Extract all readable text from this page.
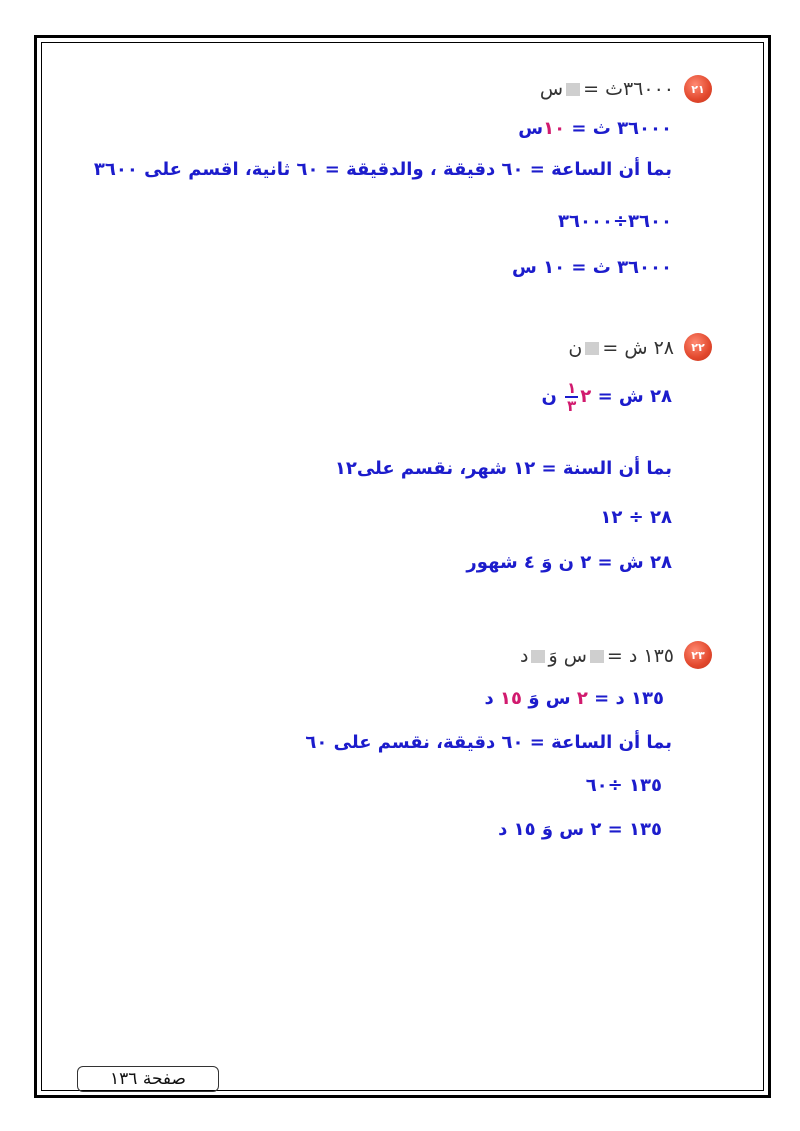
٢١
٣٦٠٠٠ث =س
٣٦٠٠٠ ث = ١٠س
بما أن الساعة = ٦٠ دقيقة ، والدقيقة = ٦٠ ثانية، اقسم على ٣٦٠٠
٣٦٠٠÷٣٦٠٠٠
٣٦٠٠٠ ث = ١٠ س
٢٢
٢٨ ش =ن
٢٨ ش = ٢
$\frac{١}{٣}$
ن
بما أن السنة = ١٢ شهر، نقسم على١٢
٢٨ ÷ ١٢
٢٨ ش = ٢ ن وَ ٤ شهور
٢٣
١٣٥ د =س وَد
١٣٥ د = ٢ س وَ ١٥ د
بما أن الساعة = ٦٠ دقيقة، نقسم على ٦٠
١٣٥ ÷٦٠
١٣٥ = ٢ س وَ ١٥ د
صفحة ١٣٦
